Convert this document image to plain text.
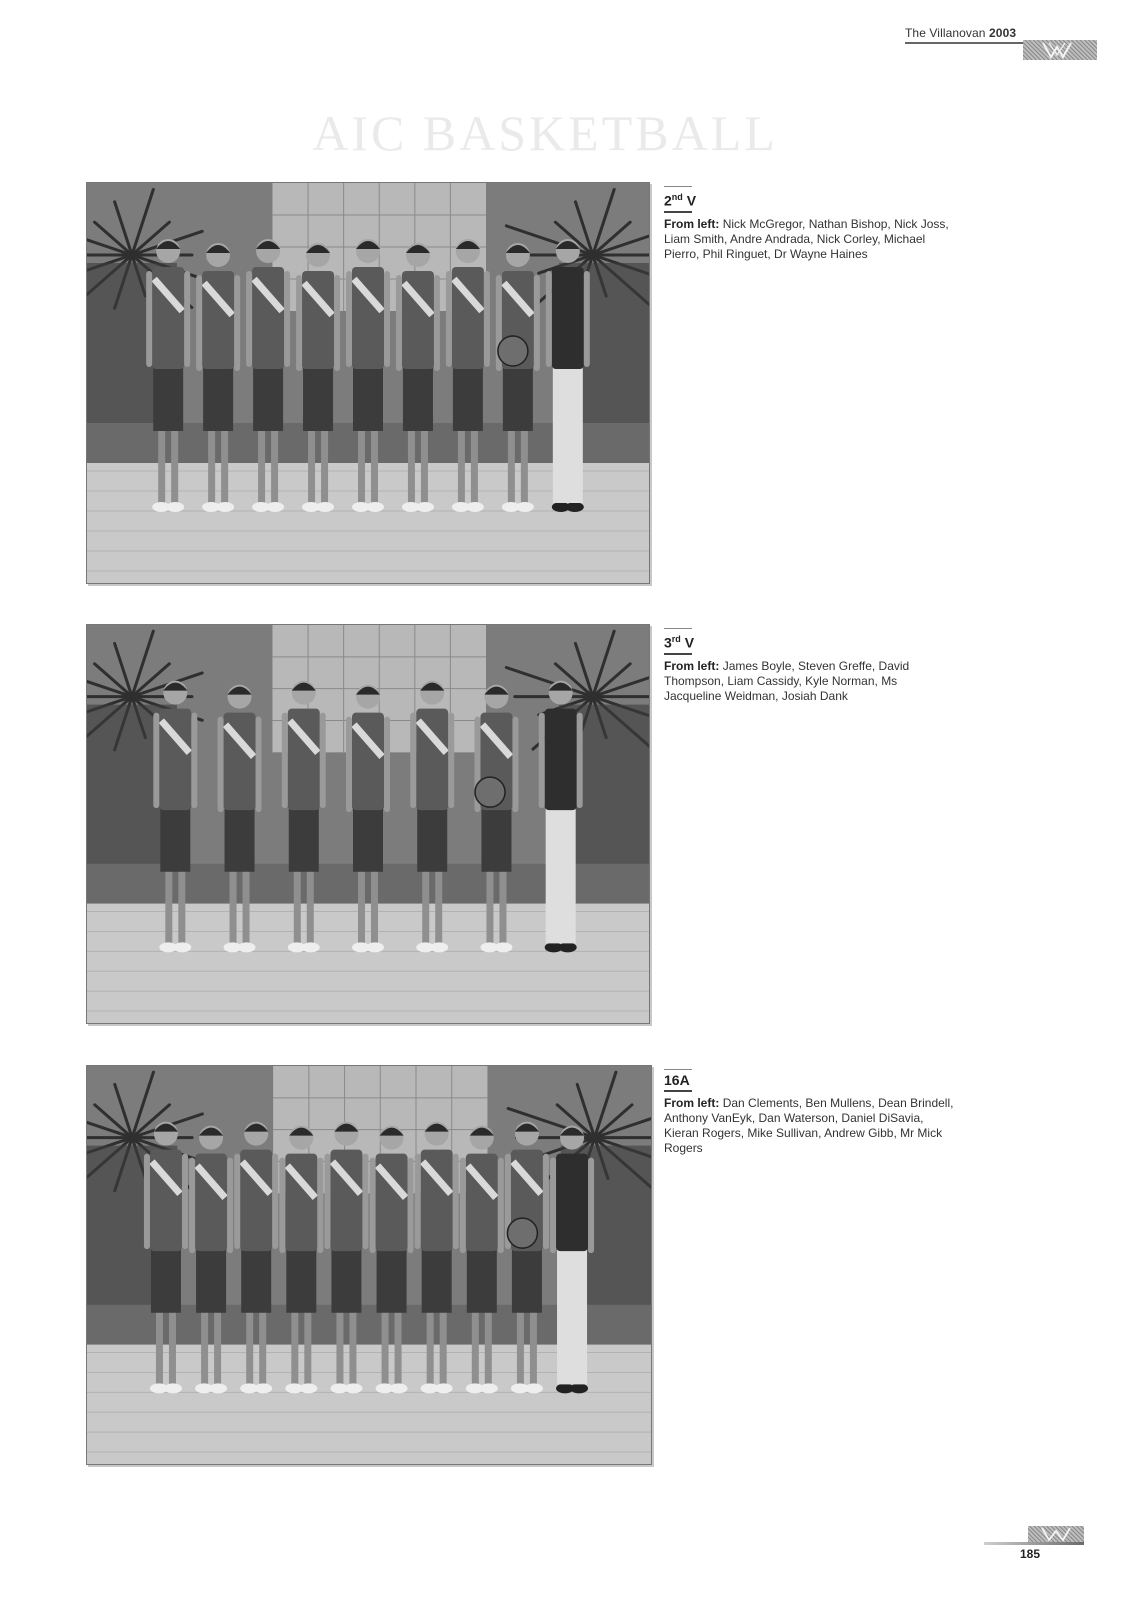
The Villanovan 2003
AIC BASKETBALL
2nd V
From left: Nick McGregor, Nathan Bishop, Nick Joss, Liam Smith, Andre Andrada, Nick Corley, Michael Pierro, Phil Ringuet, Dr Wayne Haines
3rd V
From left: James Boyle, Steven Greffe, David Thompson, Liam Cassidy, Kyle Norman, Ms Jacqueline Weidman, Josiah Dank
16A
From left: Dan Clements, Ben Mullens, Dean Brindell, Anthony VanEyk, Dan Waterson, Daniel DiSavia, Kieran Rogers, Mike Sullivan, Andrew Gibb, Mr Mick Rogers
185
